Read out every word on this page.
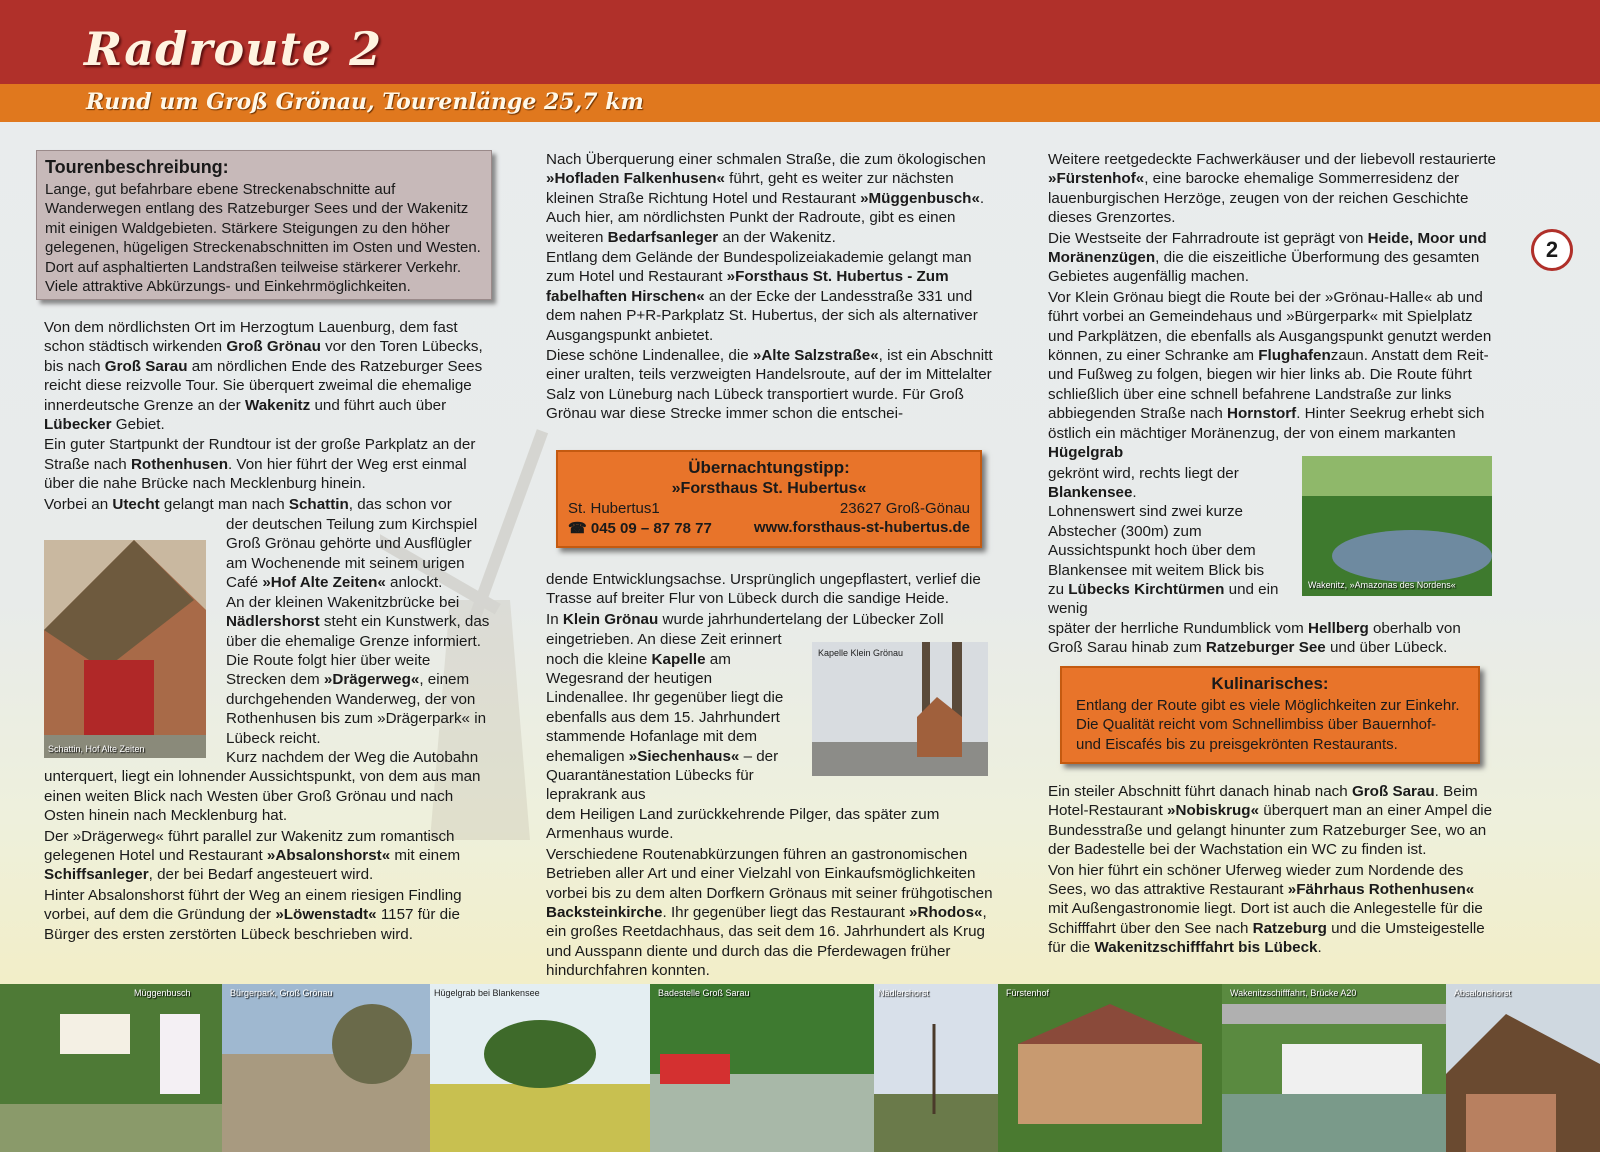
Radroute 2
Rund um Groß Grönau, Tourenlänge 25,7 km
2
Tourenbeschreibung:
Lange, gut befahrbare ebene Streckenabschnitte auf Wanderwegen entlang des Ratzeburger Sees und der Wakenitz mit einigen Waldgebieten. Stärkere Steigungen zu den höher gelegenen, hügeligen Streckenabschnitten im Osten und Westen. Dort auf asphaltierten Landstraßen teilweise stärkerer Verkehr. Viele attraktive Abkürzungs- und Einkehrmöglichkeiten.

Von dem nördlichsten Ort im Herzogtum Lauenburg, dem fast schon städtisch wirkenden Groß Grönau vor den Toren Lübecks, bis nach Groß Sarau am nördlichen Ende des Ratzeburger Sees reicht diese reizvolle Tour. Sie überquert zweimal die ehemalige innerdeutsche Grenze an der Wakenitz und führt auch über Lübecker Gebiet.

Ein guter Startpunkt der Rundtour ist der große Parkplatz an der Straße nach Rothenhusen. Von hier führt der Weg erst einmal über die nahe Brücke nach Mecklenburg hinein.

Vorbei an Utecht gelangt man nach Schattin, das schon vor

der deutschen Teilung zum Kirchspiel Groß Grönau gehörte und Ausflügler am Wochenende mit seinem urigen Café »Hof Alte Zeiten« anlockt.
An der kleinen Wakenitzbrücke bei Nädlershorst steht ein Kunstwerk, das über die ehemalige Grenze informiert. Die Route folgt hier über weite Strecken dem »Drägerweg«, einem durchgehenden Wanderweg, der von Rothenhusen bis zum »Drägerpark« in Lübeck reicht.
Kurz nachdem der Weg die Autobahn

unterquert, liegt ein lohnender Aussichtspunkt, von dem aus man einen weiten Blick nach Westen über Groß Grönau und nach Osten hinein nach Mecklenburg hat.

Der »Drägerweg« führt parallel zur Wakenitz zum romantisch gelegenen Hotel und Restaurant »Absalonshorst« mit einem Schiffsanleger, der bei Bedarf angesteuert wird.

Hinter Absalonshorst führt der Weg an einem riesigen Findling vorbei, auf dem die Gründung der »Löwenstadt« 1157 für die Bürger des ersten zerstörten Lübeck beschrieben wird.

Schattin, Hof Alte Zeiten

Nach Überquerung einer schmalen Straße, die zum ökologischen »Hofladen Falkenhusen« führt, geht es weiter zur nächsten kleinen Straße Richtung Hotel und Restaurant »Müggenbusch«. Auch hier, am nördlichsten Punkt der Radroute, gibt es einen weiteren Bedarfsanleger an der Wakenitz.

Entlang dem Gelände der Bundespolizeiakademie gelangt man zum Hotel und Restaurant »Forsthaus St. Hubertus - Zum fabelhaften Hirschen« an der Ecke der Landesstraße 331 und dem nahen P+R-Parkplatz St. Hubertus, der sich als alternativer Ausgangspunkt anbietet.

Diese schöne Lindenallee, die »Alte Salzstraße«, ist ein Abschnitt einer uralten, teils verzweigten Handelsroute, auf der im Mittelalter Salz von Lüneburg nach Lübeck transportiert wurde. Für Groß Grönau war diese Strecke immer schon die entschei-

Übernachtungstipp:
»Forsthaus St. Hubertus«
St. Hubertus1	23627 Groß-Gönau
☎ 045 09 – 87 78 77	www.forsthaus-st-hubertus.de

dende Entwicklungsachse. Ursprünglich ungepflastert, verlief die Trasse auf breiter Flur von Lübeck durch die sandige Heide.

In Klein Grönau wurde jahrhundertelang der Lübecker Zoll

eingetrieben. An diese Zeit erinnert noch die kleine Kapelle am Wegesrand der heutigen Lindenallee. Ihr gegenüber liegt die ebenfalls aus dem 15. Jahrhundert stammende Hofanlage mit dem ehemaligen »Siechenhaus« – der Quarantänestation Lübecks für leprakrank aus

dem Heiligen Land zurückkehrende Pilger, das später zum Armenhaus wurde.

Verschiedene Routenabkürzungen führen an gastronomischen Betrieben aller Art und einer Vielzahl von Einkaufsmöglichkeiten vorbei bis zu dem alten Dorfkern Grönaus mit seiner frühgotischen Backsteinkirche. Ihr gegenüber liegt das Restaurant »Rhodos«, ein großes Reetdachhaus, das seit dem 16. Jahrhundert als Krug und Ausspann diente und durch das die Pferdewagen früher hindurchfahren konnten.

Kapelle Klein Grönau

Weitere reetgedeckte Fachwerkäuser und der liebevoll restaurierte »Fürstenhof«, eine barocke ehemalige Sommerresidenz der lauenburgischen Herzöge, zeugen von der reichen Geschichte dieses Grenzortes.

Die Westseite der Fahrradroute ist geprägt von Heide, Moor und Moränenzügen, die die eiszeitliche Überformung des gesamten Gebietes augenfällig machen.

Vor Klein Grönau biegt die Route bei der »Grönau-Halle« ab und führt vorbei an Gemeindehaus und »Bürgerpark« mit Spielplatz und Parkplätzen, die ebenfalls als Ausgangspunkt genutzt werden können, zu einer Schranke am Flughafenzaun. Anstatt dem Reit- und Fußweg zu folgen, biegen wir hier links ab. Die Route führt schließlich über eine schnell befahrene Landstraße zur links abbiegenden Straße nach Hornstorf. Hinter Seekrug erhebt sich östlich ein mächtiger Moränenzug, der von einem markanten Hügelgrab

gekrönt wird, rechts liegt der Blankensee.
Lohnenswert sind zwei kurze Abstecher (300m) zum Aussichtspunkt hoch über dem Blankensee mit weitem Blick bis zu Lübecks Kirchtürmen und ein wenig

später der herrliche Rundumblick vom Hellberg oberhalb von Groß Sarau hinab zum Ratzeburger See und über Lübeck.

Wakenitz, »Amazonas des Nordens«
Kulinarisches:
Entlang der Route gibt es viele Möglichkeiten zur Einkehr. Die Qualität reicht vom Schnellimbiss über Bauernhof- und Eiscafés bis zu preisgekrönten Restaurants.

Ein steiler Abschnitt führt danach hinab nach Groß Sarau. Beim Hotel-Restaurant »Nobiskrug« überquert man an einer Ampel die Bundesstraße und gelangt hinunter zum Ratzeburger See, wo an der Badestelle bei der Wachstation ein WC zu finden ist.

Von hier führt ein schöner Uferweg wieder zum Nordende des Sees, wo das attraktive Restaurant »Fährhaus Rothenhusen« mit Außengastronomie liegt. Dort ist auch die Anlegestelle für die Schifffahrt über den See nach Ratzeburg und die Umsteigestelle für die Wakenitzschifffahrt bis Lübeck.

Müggenbusch	Bürgerpark, Groß Grönau	Hügelgrab bei Blankensee	Badestelle Groß Sarau	Nädlershorst	Fürstenhof	Wakenitzschifffahrt, Brücke A20	Absalonshorst
